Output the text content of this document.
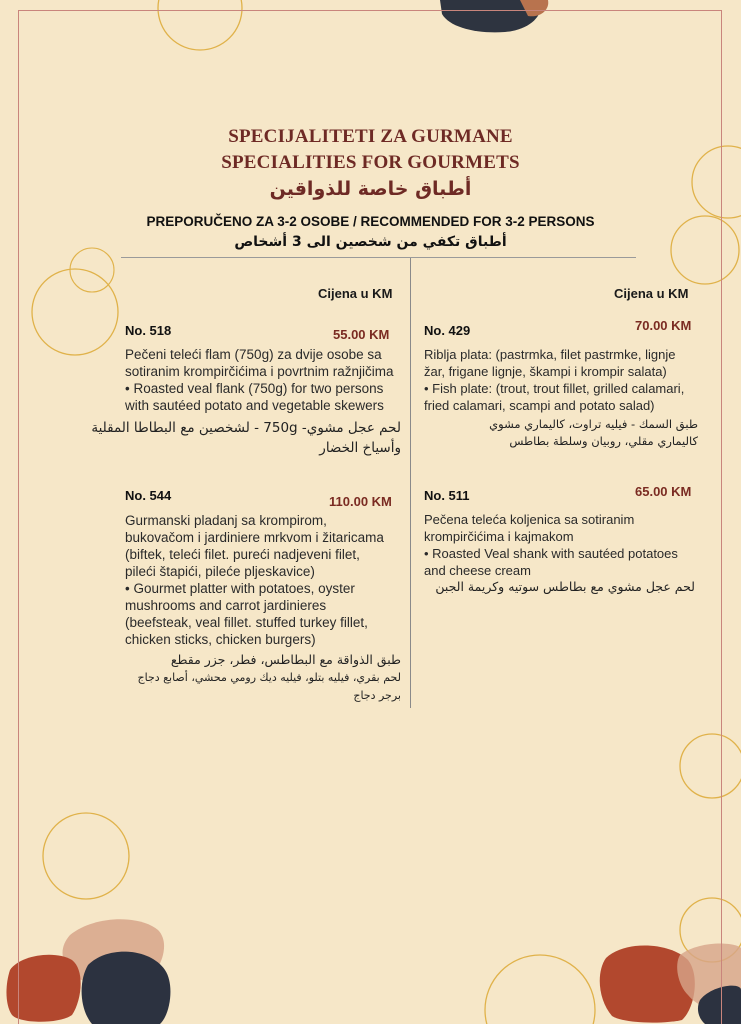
SPECIJALITETI ZA GURMANE
SPECIALITIES FOR GOURMETS
أطباق خاصة للذواقين
PREPORUČENO ZA 3-2 OSOBE / RECOMMENDED FOR 3-2 PERSONS
أطباق تكفي من شخصين الى 3 أشخاص
Cijena u KM	Cijena u KM
No. 518	55.00 KM
Pečeni teleći flam (750g) za dvije osobe sa
sotiranim krompirčićima i povrtnim ražnjičima
• Roasted veal flank (750g) for two persons
with sautéed potato and vegetable skewers
لحم عجل مشوي- 750g - لشخصين مع البطاطا المقلية
وأسياخ الخضار
No. 429	70.00 KM
Riblja plata: (pastrmka, filet pastrmke, lignje
žar, frigane lignje, škampi i krompir salata)
• Fish plate: (trout, trout fillet, grilled calamari,
fried calamari, scampi and potato salad)
طبق السمك - فيليه تراوت، كاليماري مشوي
كاليماري مقلي، روبيان وسلطة بطاطس
No. 544	110.00 KM
Gurmanski pladanj sa krompirom,
bukovačom i jardiniere mrkvom i žitaricama
(biftek, teleći filet. pureći nadjeveni filet,
pileći štapići, pileće pljeskavice)
• Gourmet platter with potatoes, oyster
mushrooms and carrot jardinieres
(beefsteak, veal fillet. stuffed turkey fillet,
chicken sticks, chicken burgers)
طبق الذواقة مع البطاطس، فطر، جزر مقطع
لحم بقري، فيليه بتلو، فيليه ديك رومي محشي، أصابع دجاج
برجر دجاج
No. 511	65.00 KM
Pečena teleća koljenica sa sotiranim
krompirčićima i kajmakom
• Roasted Veal shank with sautéed potatoes
and cheese cream
لحم عجل مشوي مع بطاطس سوتيه وكريمة الجبن
